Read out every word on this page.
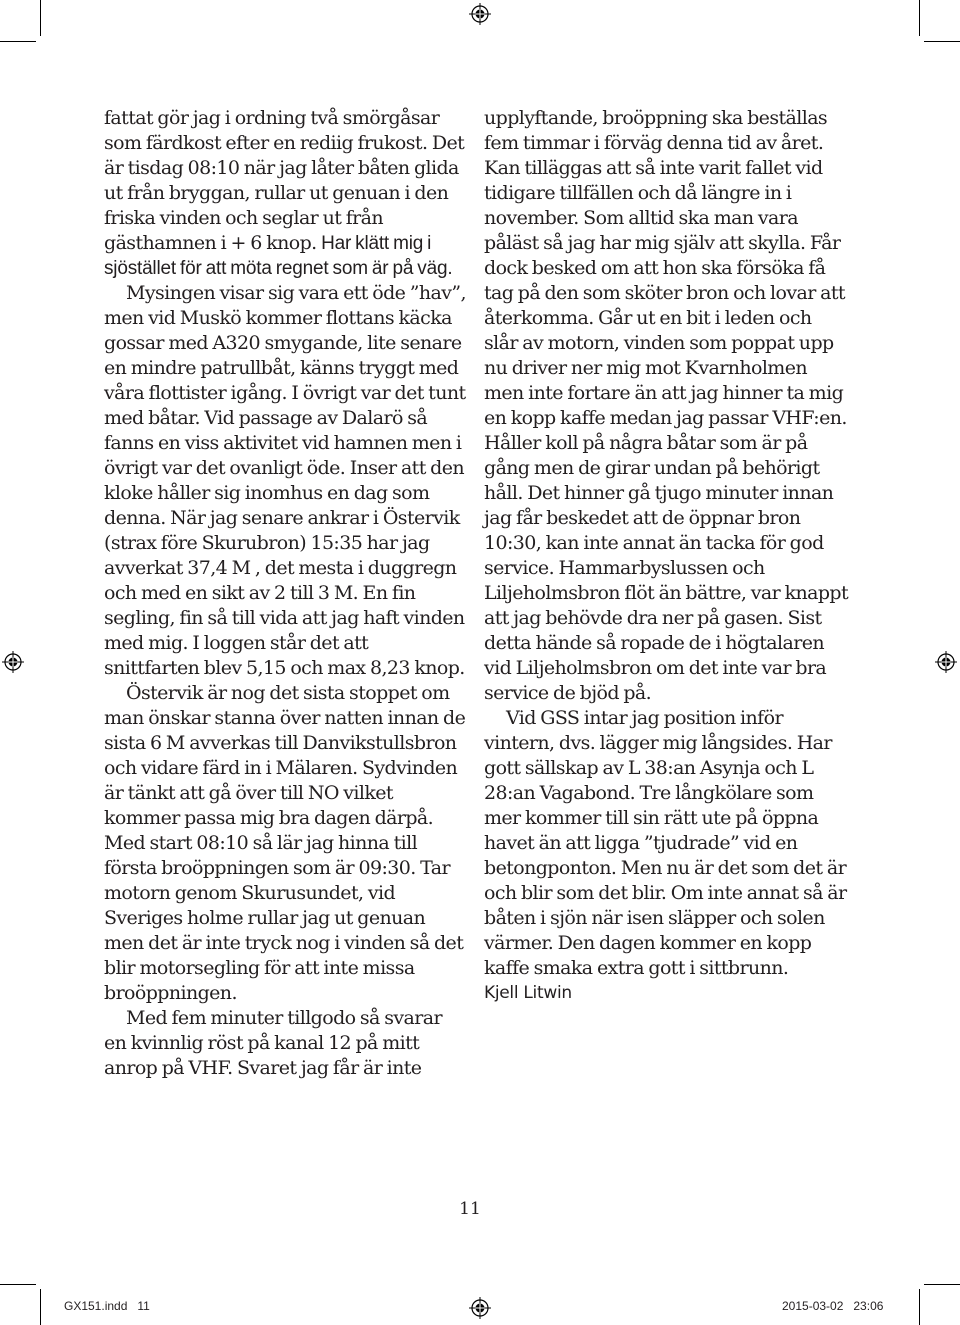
fattat gör jag i ordning två smörgåsar som färdkost efter en rediig frukost. Det är tisdag 08:10 när jag låter båten glida ut från bryggan, rullar ut genuan i den friska vinden och seglar ut från gästhamnen i + 6 knop. Har klätt mig i sjöstället för att möta regnet som är på väg.

Mysingen visar sig vara ett öde ”hav”, men vid Muskö kommer flottans käcka gossar med A320 smygande, lite senare en mindre patrullbåt, känns tryggt med våra flottister igång. I övrigt var det tunt med båtar. Vid passage av Dalarö så fanns en viss aktivitet vid hamnen men i övrigt var det ovanligt öde. Inser att den kloke håller sig inomhus en dag som denna. När jag senare ankrar i Östervik (strax före Skurubron) 15:35 har jag avverkat 37,4 M , det mesta i duggregn och med en sikt av 2 till 3 M. En fin segling, fin så till vida att jag haft vinden med mig. I loggen står det att snittfarten blev 5,15 och max 8,23 knop.

Östervik är nog det sista stoppet om man önskar stanna över natten innan de sista 6 M avverkas till Danvikstullsbron och vidare färd in i Mälaren. Sydvinden är tänkt att gå över till NO vilket kommer passa mig bra dagen därpå. Med start 08:10 så lär jag hinna till första broöppningen som är 09:30. Tar motorn genom Skurusundet, vid Sveriges holme rullar jag ut genuan men det är inte tryck nog i vinden så det blir motorsegling för att inte missa broöppningen.

Med fem minuter tillgodo så svarar en kvinnlig röst på kanal 12 på mitt anrop på VHF. Svaret jag får är inte

upplyftande, broöppning ska beställas fem timmar i förväg denna tid av året. Kan tilläggas att så inte varit fallet vid tidigare tillfällen och då längre in i november. Som alltid ska man vara påläst så jag har mig själv att skylla. Får dock besked om att hon ska försöka få tag på den som sköter bron och lovar att återkomma. Går ut en bit i leden och slår av motorn, vinden som poppat upp nu driver ner mig mot Kvarnholmen men inte fortare än att jag hinner ta mig en kopp kaffe medan jag passar VHF:en. Håller koll på några båtar som är på gång men de girar undan på behörigt håll. Det hinner gå tjugo minuter innan jag får beskedet att de öppnar bron 10:30, kan inte annat än tacka för god service. Hammarbyslussen och Liljeholmsbron flöt än bättre, var knappt att jag behövde dra ner på gasen. Sist detta hände så ropade de i högtalaren vid Liljeholmsbron om det inte var bra service de bjöd på.

Vid GSS intar jag position inför vintern, dvs. lägger mig långsides. Har gott sällskap av L 38:an Asynja och L 28:an Vagabond. Tre långkölare som mer kommer till sin rätt ute på öppna havet än att ligga ”tjudrade” vid en betongponton. Men nu är det som det är och blir som det blir. Om inte annat så är båten i sjön när isen släpper och solen värmer. Den dagen kommer en kopp kaffe smaka extra gott i sittbrunn.

Kjell Litwin

11
GX151.indd   11	2015-03-02   23:06
